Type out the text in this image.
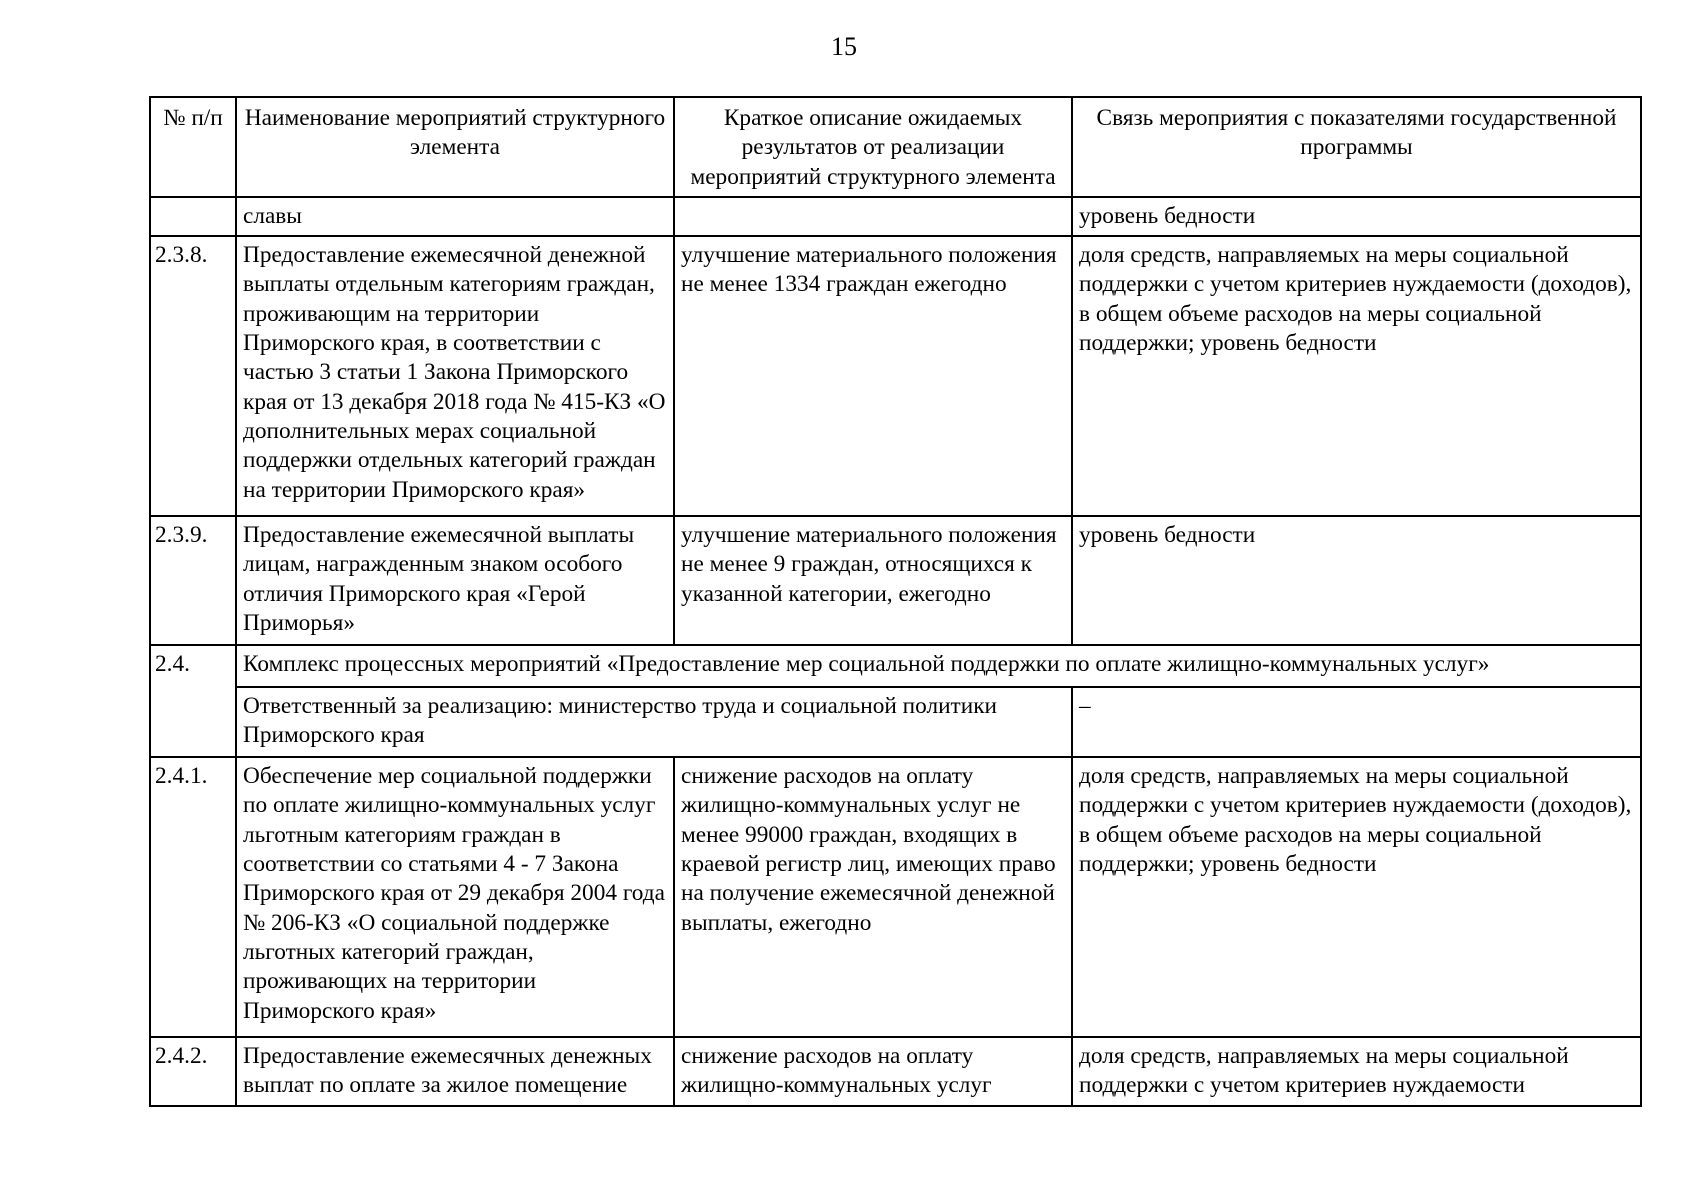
15
№ п/п	Наименование мероприятий структурного элемента	Краткое описание ожидаемых результатов от реализации мероприятий структурного элемента	Связь мероприятия с показателями государственной программы
	славы		уровень бедности
2.3.8.	Предоставление ежемесячной денежной выплаты отдельным категориям граждан, проживающим на территории Приморского края, в соответствии с частью 3 статьи 1 Закона Приморского края от 13 декабря 2018 года № 415-КЗ «О дополнительных мерах социальной поддержки отдельных категорий граждан на территории Приморского края»	улучшение материального положения не менее 1334 граждан ежегодно	доля средств, направляемых на меры социальной поддержки с учетом критериев нуждаемости (доходов), в общем объеме расходов на меры социальной поддержки; уровень бедности
2.3.9.	Предоставление ежемесячной выплаты лицам, награжденным знаком особого отличия Приморского края «Герой Приморья»	улучшение материального положения не менее 9 граждан, относящихся к указанной категории, ежегодно	уровень бедности
2.4.	Комплекс процессных мероприятий «Предоставление мер социальной поддержки по оплате жилищно-коммунальных услуг»		
	Ответственный за реализацию: министерство труда и социальной политики Приморского края		–
2.4.1.	Обеспечение мер социальной поддержки по оплате жилищно-коммунальных услуг льготным категориям граждан в соответствии со статьями 4 - 7 Закона Приморского края от 29 декабря 2004 года № 206-КЗ «О социальной поддержке льготных категорий граждан, проживающих на территории Приморского края»	снижение расходов на оплату жилищно-коммунальных услуг не менее 99000 граждан, входящих в краевой регистр лиц, имеющих право на получение ежемесячной денежной выплаты, ежегодно	доля средств, направляемых на меры социальной поддержки с учетом критериев нуждаемости (доходов), в общем объеме расходов на меры социальной поддержки; уровень бедности
2.4.2.	Предоставление ежемесячных денежных выплат по оплате за жилое помещение	снижение расходов на оплату жилищно-коммунальных услуг	доля средств, направляемых на меры социальной поддержки с учетом критериев нуждаемости
